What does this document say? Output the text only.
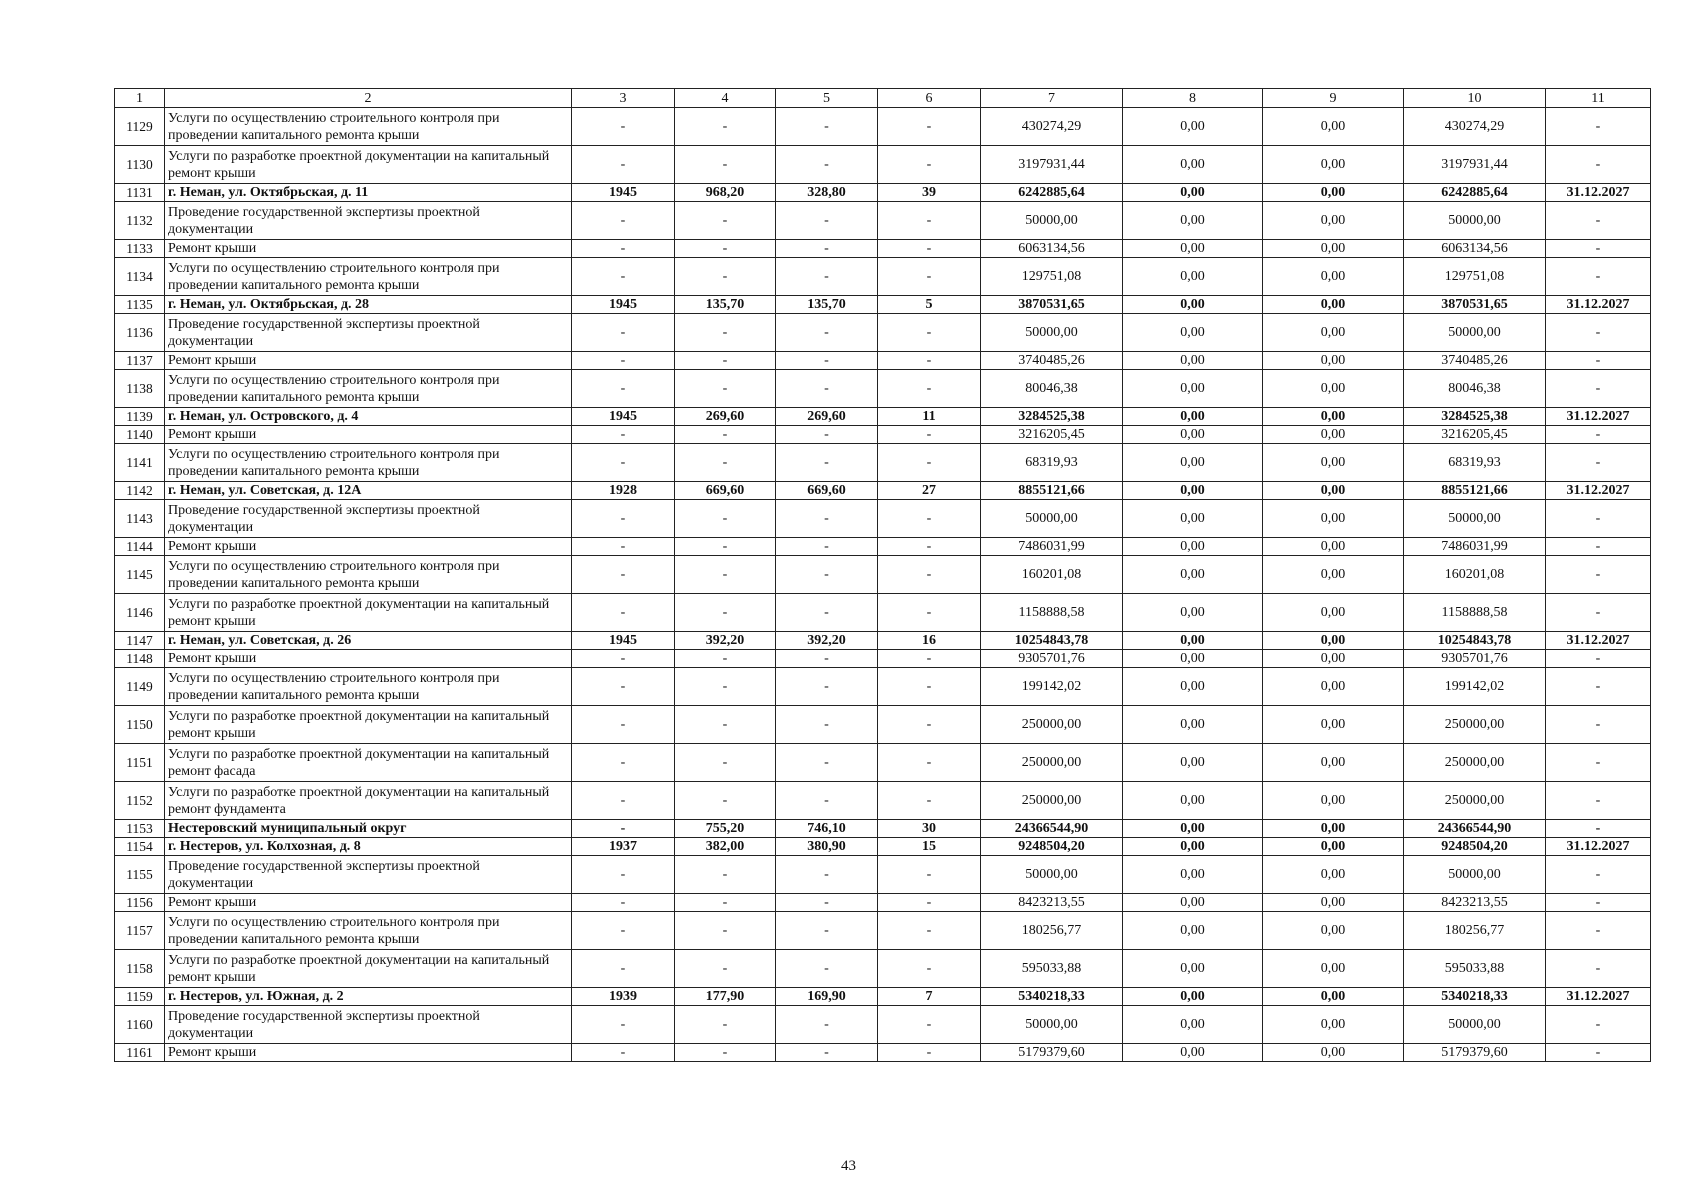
1	2	3	4	5	6	7	8	9	10	11
1129	Услуги по осуществлению строительного контроля при проведении капитального ремонта крыши	-	-	-	-	430274,29	0,00	0,00	430274,29	-
1130	Услуги по разработке проектной документации на капитальный ремонт крыши	-	-	-	-	3197931,44	0,00	0,00	3197931,44	-
1131	г. Неман, ул. Октябрьская, д. 11	1945	968,20	328,80	39	6242885,64	0,00	0,00	6242885,64	31.12.2027
1132	Проведение государственной экспертизы проектной документации	-	-	-	-	50000,00	0,00	0,00	50000,00	-
1133	Ремонт крыши	-	-	-	-	6063134,56	0,00	0,00	6063134,56	-
1134	Услуги по осуществлению строительного контроля при проведении капитального ремонта крыши	-	-	-	-	129751,08	0,00	0,00	129751,08	-
1135	г. Неман, ул. Октябрьская, д. 28	1945	135,70	135,70	5	3870531,65	0,00	0,00	3870531,65	31.12.2027
1136	Проведение государственной экспертизы проектной документации	-	-	-	-	50000,00	0,00	0,00	50000,00	-
1137	Ремонт крыши	-	-	-	-	3740485,26	0,00	0,00	3740485,26	-
1138	Услуги по осуществлению строительного контроля при проведении капитального ремонта крыши	-	-	-	-	80046,38	0,00	0,00	80046,38	-
1139	г. Неман, ул. Островского, д. 4	1945	269,60	269,60	11	3284525,38	0,00	0,00	3284525,38	31.12.2027
1140	Ремонт крыши	-	-	-	-	3216205,45	0,00	0,00	3216205,45	-
1141	Услуги по осуществлению строительного контроля при проведении капитального ремонта крыши	-	-	-	-	68319,93	0,00	0,00	68319,93	-
1142	г. Неман, ул. Советская, д. 12А	1928	669,60	669,60	27	8855121,66	0,00	0,00	8855121,66	31.12.2027
1143	Проведение государственной экспертизы проектной документации	-	-	-	-	50000,00	0,00	0,00	50000,00	-
1144	Ремонт крыши	-	-	-	-	7486031,99	0,00	0,00	7486031,99	-
1145	Услуги по осуществлению строительного контроля при проведении капитального ремонта крыши	-	-	-	-	160201,08	0,00	0,00	160201,08	-
1146	Услуги по разработке проектной документации на капитальный ремонт крыши	-	-	-	-	1158888,58	0,00	0,00	1158888,58	-
1147	г. Неман, ул. Советская, д. 26	1945	392,20	392,20	16	10254843,78	0,00	0,00	10254843,78	31.12.2027
1148	Ремонт крыши	-	-	-	-	9305701,76	0,00	0,00	9305701,76	-
1149	Услуги по осуществлению строительного контроля при проведении капитального ремонта крыши	-	-	-	-	199142,02	0,00	0,00	199142,02	-
1150	Услуги по разработке проектной документации на капитальный ремонт крыши	-	-	-	-	250000,00	0,00	0,00	250000,00	-
1151	Услуги по разработке проектной документации на капитальный ремонт фасада	-	-	-	-	250000,00	0,00	0,00	250000,00	-
1152	Услуги по разработке проектной документации на капитальный ремонт фундамента	-	-	-	-	250000,00	0,00	0,00	250000,00	-
1153	Нестеровский муниципальный округ	-	755,20	746,10	30	24366544,90	0,00	0,00	24366544,90	-
1154	г. Нестеров, ул. Колхозная, д. 8	1937	382,00	380,90	15	9248504,20	0,00	0,00	9248504,20	31.12.2027
1155	Проведение государственной экспертизы проектной документации	-	-	-	-	50000,00	0,00	0,00	50000,00	-
1156	Ремонт крыши	-	-	-	-	8423213,55	0,00	0,00	8423213,55	-
1157	Услуги по осуществлению строительного контроля при проведении капитального ремонта крыши	-	-	-	-	180256,77	0,00	0,00	180256,77	-
1158	Услуги по разработке проектной документации на капитальный ремонт крыши	-	-	-	-	595033,88	0,00	0,00	595033,88	-
1159	г. Нестеров, ул. Южная, д. 2	1939	177,90	169,90	7	5340218,33	0,00	0,00	5340218,33	31.12.2027
1160	Проведение государственной экспертизы проектной документации	-	-	-	-	50000,00	0,00	0,00	50000,00	-
1161	Ремонт крыши	-	-	-	-	5179379,60	0,00	0,00	5179379,60	-
43
